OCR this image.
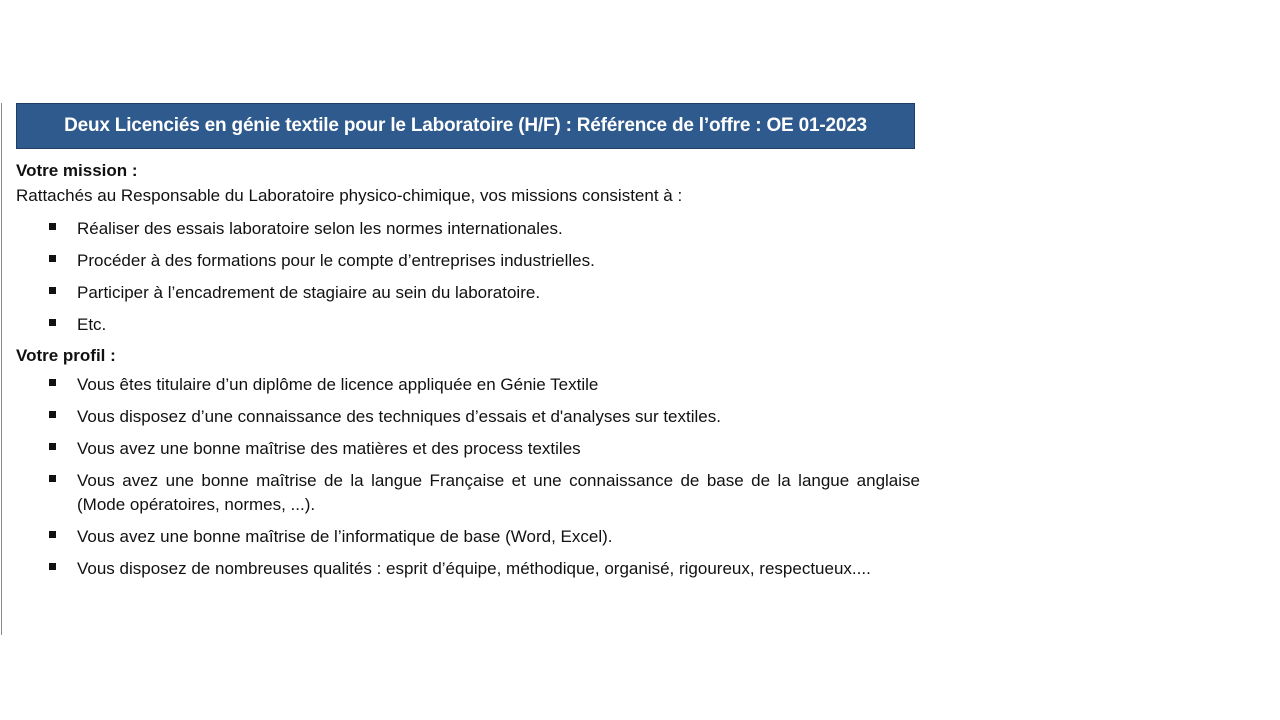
Deux Licenciés en génie textile pour le Laboratoire (H/F) : Référence de l’offre : OE 01-2023

Votre mission :

Rattachés au Responsable du Laboratoire physico-chimique, vos missions consistent à :

Réaliser des essais laboratoire selon les normes internationales.
Procéder à des formations pour le compte d’entreprises industrielles.
Participer à l’encadrement de stagiaire au sein du laboratoire.
Etc.

Votre profil :

Vous êtes titulaire d’un diplôme de licence appliquée en Génie Textile
Vous disposez d’une connaissance des techniques d’essais et d'analyses sur textiles.
Vous avez une bonne maîtrise des matières et des process textiles
Vous avez une bonne maîtrise de la langue Française et une connaissance de base de la langue anglaise (Mode opératoires, normes, ...).
Vous avez une bonne maîtrise de l’informatique de base (Word, Excel).
Vous disposez de nombreuses qualités : esprit d’équipe, méthodique, organisé, rigoureux, respectueux....
